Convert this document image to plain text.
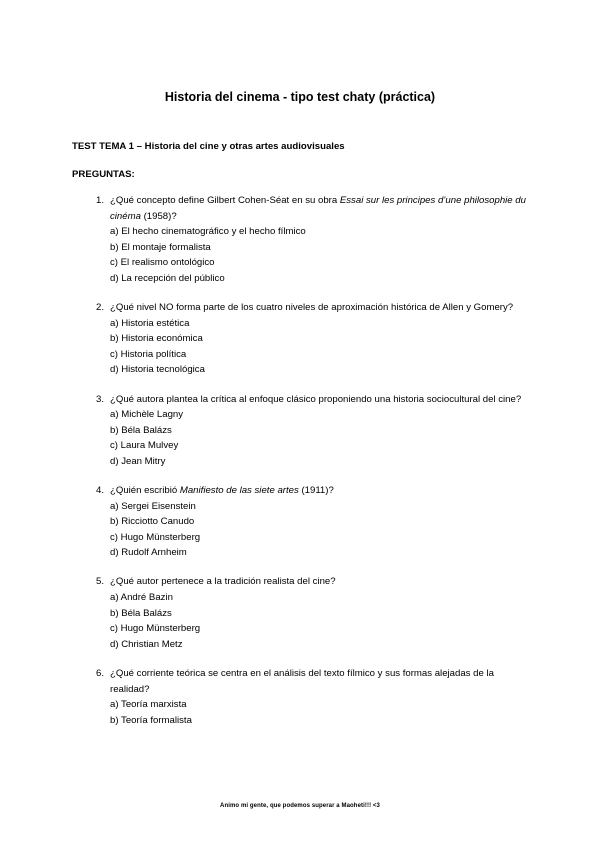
Historia del cinema - tipo test chaty (práctica)
TEST TEMA 1 – Historia del cine y otras artes audiovisuales
PREGUNTAS:
1. ¿Qué concepto define Gilbert Cohen-Séat en su obra Essai sur les principes d’une philosophie du cinéma (1958)?
a) El hecho cinematográfico y el hecho fílmico
b) El montaje formalista
c) El realismo ontológico
d) La recepción del público
2. ¿Qué nivel NO forma parte de los cuatro niveles de aproximación histórica de Allen y Gomery?
a) Historia estética
b) Historia económica
c) Historia política
d) Historia tecnológica
3. ¿Qué autora plantea la crítica al enfoque clásico proponiendo una historia sociocultural del cine?
a) Michèle Lagny
b) Béla Balázs
c) Laura Mulvey
d) Jean Mitry
4. ¿Quién escribió Manifiesto de las siete artes (1911)?
a) Sergei Eisenstein
b) Ricciotto Canudo
c) Hugo Münsterberg
d) Rudolf Arnheim
5. ¿Qué autor pertenece a la tradición realista del cine?
a) André Bazin
b) Béla Balázs
c) Hugo Münsterberg
d) Christian Metz
6. ¿Qué corriente teórica se centra en el análisis del texto fílmico y sus formas alejadas de la realidad?
a) Teoría marxista
b) Teoría formalista
Animo mi gente, que podemos superar a Maoheti!!! <3
